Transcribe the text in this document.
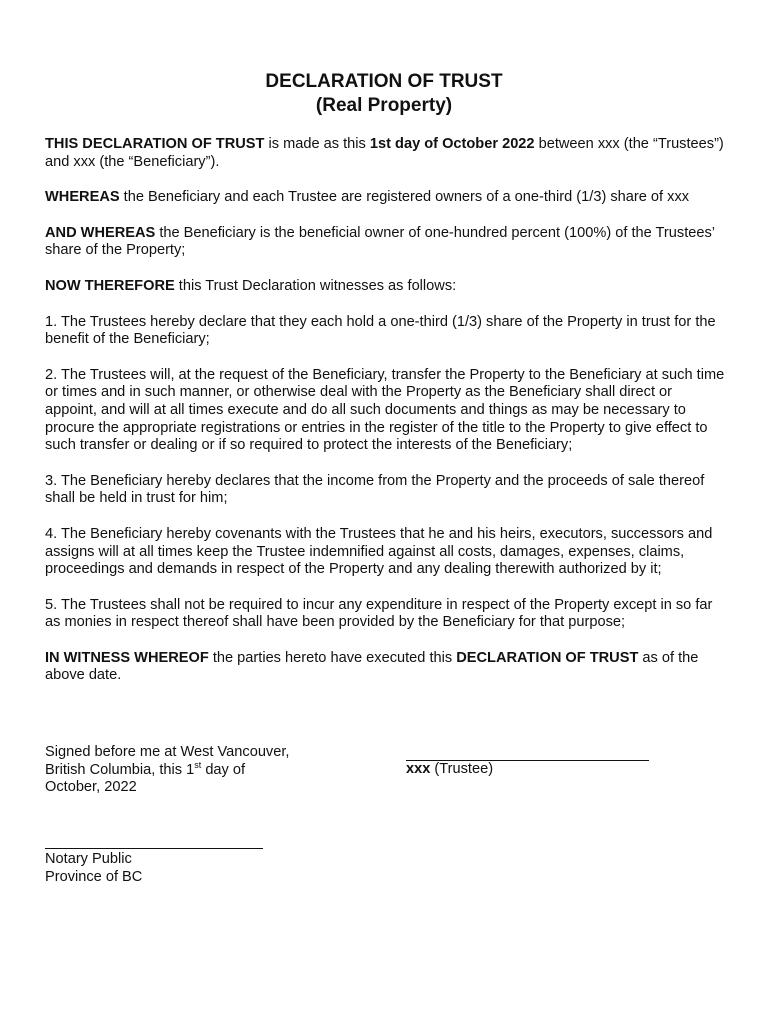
DECLARATION OF TRUST
(Real Property)

THIS DECLARATION OF TRUST is made as this 1st day of October 2022 between xxx (the “Trustees”) and xxx (the “Beneficiary”).

WHEREAS the Beneficiary and each Trustee are registered owners of a one-third (1/3) share of xxx

AND WHEREAS the Beneficiary is the beneficial owner of one-hundred percent (100%) of the Trustees’ share of the Property;

NOW THEREFORE this Trust Declaration witnesses as follows:

1. The Trustees hereby declare that they each hold a one-third (1/3) share of the Property in trust for the benefit of the Beneficiary;

2. The Trustees will, at the request of the Beneficiary, transfer the Property to the Beneficiary at such time or times and in such manner, or otherwise deal with the Property as the Beneficiary shall direct or appoint, and will at all times execute and do all such documents and things as may be necessary to procure the appropriate registrations or entries in the register of the title to the Property to give effect to such transfer or dealing or if so required to protect the interests of the Beneficiary;

3. The Beneficiary hereby declares that the income from the Property and the proceeds of sale thereof shall be held in trust for him;

4. The Beneficiary hereby covenants with the Trustees that he and his heirs, executors, successors and assigns will at all times keep the Trustee indemnified against all costs, damages, expenses, claims, proceedings and demands in respect of the Property and any dealing therewith authorized by it;

5. The Trustees shall not be required to incur any expenditure in respect of the Property except in so far as monies in respect thereof shall have been provided by the Beneficiary for that purpose;

IN WITNESS WHEREOF the parties hereto have executed this DECLARATION OF TRUST as of the above date.

Signed before me at West Vancouver,
British Columbia, this 1st day of
October, 2022
xxx (Trustee)
Notary Public
Province of BC
